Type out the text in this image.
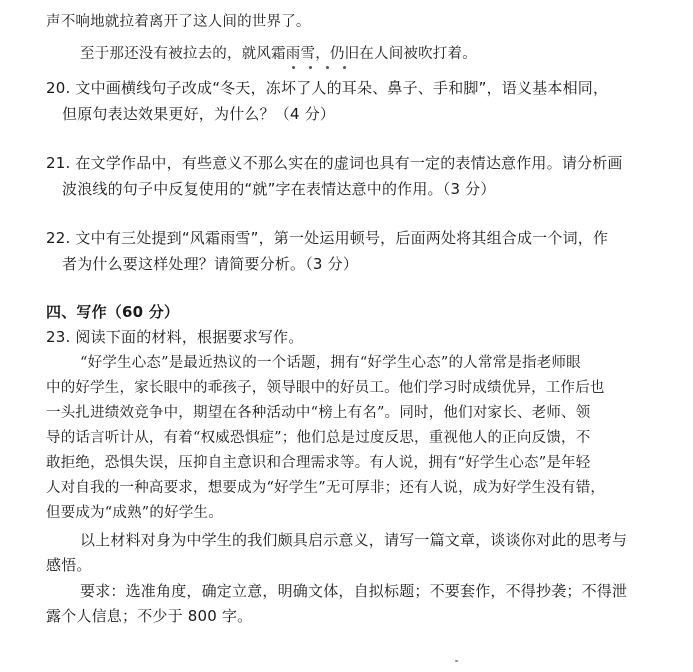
声不响地就拉着离开了这人间的世界了。
至于那还没有被拉去的，就风霜雨雪，仍旧在人间被吹打着。
20. 文中画横线句子改成“冬天，冻坏了人的耳朵、鼻子、手和脚”，语义基本相同，
但原句表达效果更好，为什么？（4 分）
21. 在文学作品中，有些意义不那么实在的虚词也具有一定的表情达意作用。请分析画
波浪线的句子中反复使用的“就”字在表情达意中的作用。（3 分）
22. 文中有三处提到“风霜雨雪”，第一处运用顿号，后面两处将其组合成一个词，作
者为什么要这样处理？请简要分析。（3 分）
四、写作（60 分）
23. 阅读下面的材料，根据要求写作。
“好学生心态”是最近热议的一个话题，拥有“好学生心态”的人常常是指老师眼
中的好学生，家长眼中的乖孩子，领导眼中的好员工。他们学习时成绩优异，工作后也
一头扎进绩效竞争中，期望在各种活动中“榜上有名”。同时，他们对家长、老师、领
导的话言听计从，有着“权威恐惧症”；他们总是过度反思，重视他人的正向反馈，不
敢拒绝，恐惧失误，压抑自主意识和合理需求等。有人说，拥有“好学生心态”是年轻
人对自我的一种高要求，想要成为“好学生”无可厚非；还有人说，成为好学生没有错，
但要成为“成熟”的好学生。
以上材料对身为中学生的我们颇具启示意义，请写一篇文章，谈谈你对此的思考与
感悟。
要求：选准角度，确定立意，明确文体，自拟标题；不要套作，不得抄袭；不得泄
露个人信息；不少于 800 字。
